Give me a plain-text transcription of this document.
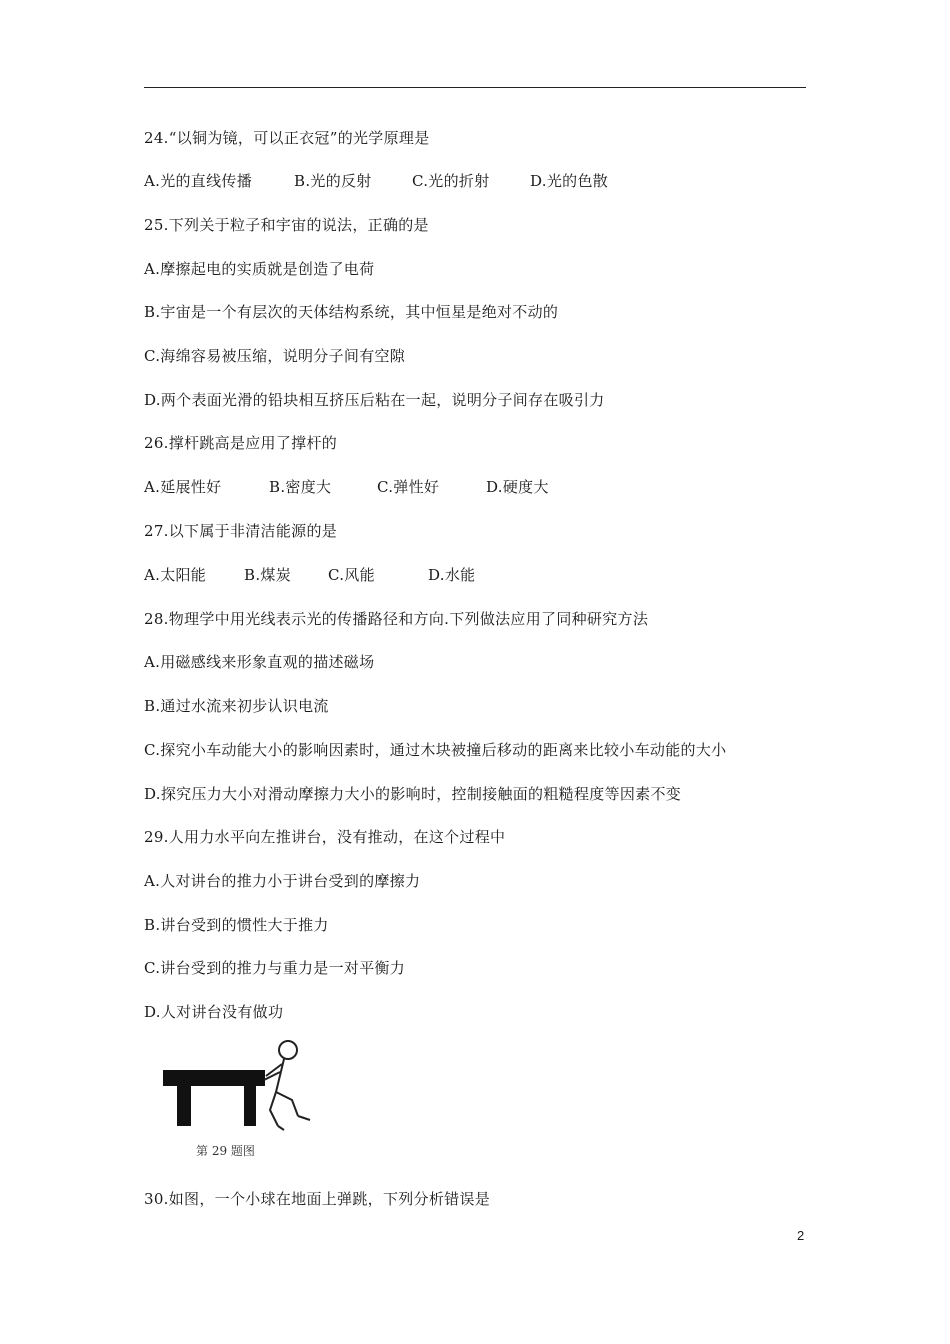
24.“以铜为镜，可以正衣冠”的光学原理是
A.光的直线传播	B.光的反射	C.光的折射	D.光的色散
25.下列关于粒子和宇宙的说法，正确的是
A.摩擦起电的实质就是创造了电荷
B.宇宙是一个有层次的天体结构系统，其中恒星是绝对不动的
C.海绵容易被压缩，说明分子间有空隙
D.两个表面光滑的铅块相互挤压后粘在一起，说明分子间存在吸引力
26.撑杆跳高是应用了撑杆的
A.延展性好	B.密度大	C.弹性好	D.硬度大
27.以下属于非清洁能源的是
A.太阳能	B.煤炭 C.风能	D.水能
28.物理学中用光线表示光的传播路径和方向.下列做法应用了同种研究方法
A.用磁感线来形象直观的描述磁场
B.通过水流来初步认识电流
C.探究小车动能大小的影响因素时，通过木块被撞后移动的距离来比较小车动能的大小
D.探究压力大小对滑动摩擦力大小的影响时，控制接触面的粗糙程度等因素不变
29.人用力水平向左推讲台，没有推动，在这个过程中
A.人对讲台的推力小于讲台受到的摩擦力
B.讲台受到的惯性大于推力
C.讲台受到的推力与重力是一对平衡力
D.人对讲台没有做功
第 29 题图
30.如图，一个小球在地面上弹跳，下列分析错误是
2
